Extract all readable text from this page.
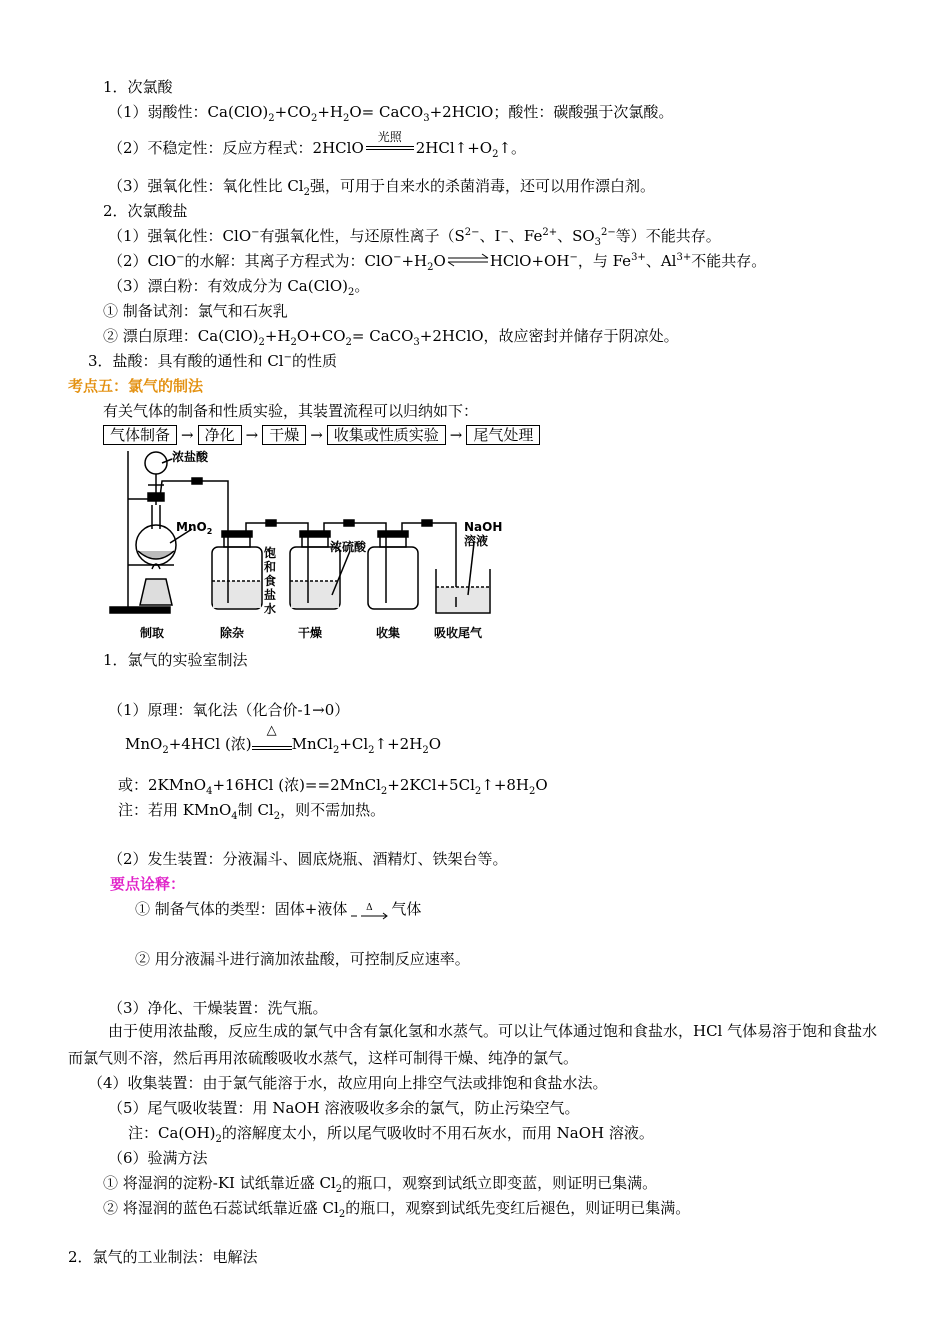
1．次氯酸
（1）弱酸性：$Ca(ClO)_2+CO_2+H_2O=$ CaCO$_3$+2HClO；酸性：碳酸强于次氯酸。
（2）不稳定性：反应方程式：2HClO
光照
$2HCl↑+O_2↑$。
（3）强氧化性：氧化性比 $Cl_2$强，可用于自来水的杀菌消毒，还可以用作漂白剂。
2．次氯酸盐
（1）强氧化性：ClO−有强氧化性，与还原性离子（$S^{2-}$、I−、$Fe^{2+}$、$SO_3^{2-}$等）不能共存。
（2）ClO−的水解：其离子方程式为：$ClO^-+H_2O\rightleftharpoons HClO+OH^-$，与 $Fe^{3+}$、$Al^{3+}$不能共存。
（3）漂白粉：有效成分为 $Ca(ClO)_2$。
① 制备试剂：氯气和石灰乳
② 漂白原理：$Ca(ClO)_2+H_2O+CO_2=$ CaCO$_3$+2HClO，故应密封并储存于阴凉处。
3．盐酸：具有酸的通性和 Cl−的性质
考点五：氯气的制法
有关气体的制备和性质实验，其装置流程可以归纳如下：
气体制备 → 净化 → 干燥 → 收集或性质实验 → 尾气处理
浓盐酸
MnO$_2$
饱
和
食
盐
水
浓硫酸
NaOH
溶液
制取	除杂	干燥	收集	吸收尾气
1．氯气的实验室制法
（1）原理：氧化法（化合价-1→0）
MnO$_2$+4HCl (浓)
△
$MnCl_2+Cl_2↑+2H_2O$
或：2KMnO$_4$+16HCl (浓)$==2MnCl_2+2KCl+5Cl_2↑+8H_2O$
注：若用 KMnO$_4$制 $Cl_2$，则不需加热。
（2）发生装置：分液漏斗、圆底烧瓶、酒精灯、铁架台等。
要点诠释：
① 制备气体的类型：固体+液体	Δ	气体
② 用分液漏斗进行滴加浓盐酸，可控制反应速率。
（3）净化、干燥装置：洗气瓶。
由于使用浓盐酸，反应生成的氯气中含有氯化氢和水蒸气。可以让气体通过饱和食盐水，HCl 气体易溶于饱和食盐水而氯气则不溶，然后再用浓硫酸吸收水蒸气，这样可制得干燥、纯净的氯气。
（4）收集装置：由于氯气能溶于水，故应用向上排空气法或排饱和食盐水法。
（5）尾气吸收装置：用 NaOH 溶液吸收多余的氯气，防止污染空气。
注：$Ca(OH)_2$的溶解度太小，所以尾气吸收时不用石灰水，而用 NaOH 溶液。
（6）验满方法
① 将湿润的淀粉-KI 试纸靠近盛 $Cl_2$的瓶口，观察到试纸立即变蓝，则证明已集满。
② 将湿润的蓝色石蕊试纸靠近盛 $Cl_2$的瓶口，观察到试纸先变红后褪色，则证明已集满。
2．氯气的工业制法：电解法
